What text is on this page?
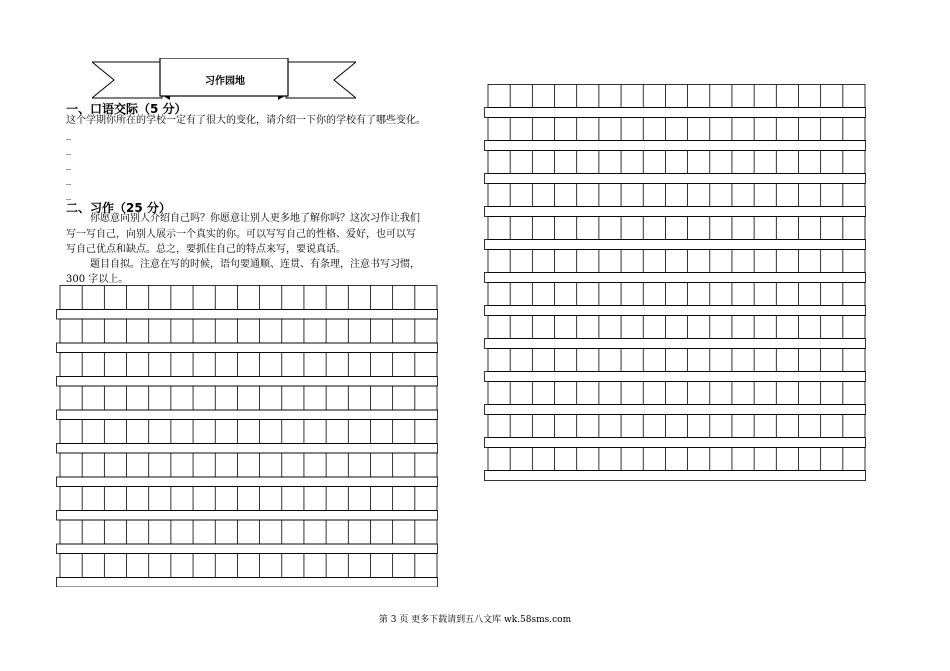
习作园地
一、口语交际（5 分）
这个学期你所在的学校一定有了很大的变化，请介绍一下你的学校有了哪些变化。
_
_
_
_
_
二、习作（25 分）
你愿意向别人介绍自己吗？你愿意让别人更多地了解你吗？这次习作让我们
写一写自己，向别人展示一个真实的你。可以写写自己的性格、爱好，也可以写
写自己优点和缺点。总之，要抓住自己的特点来写，要说真话。
题目自拟。注意在写的时候，语句要通顺、连贯、有条理，注意书写习惯，
300 字以上。
第 3 页 更多下载请到五八文库 wk.58sms.com
